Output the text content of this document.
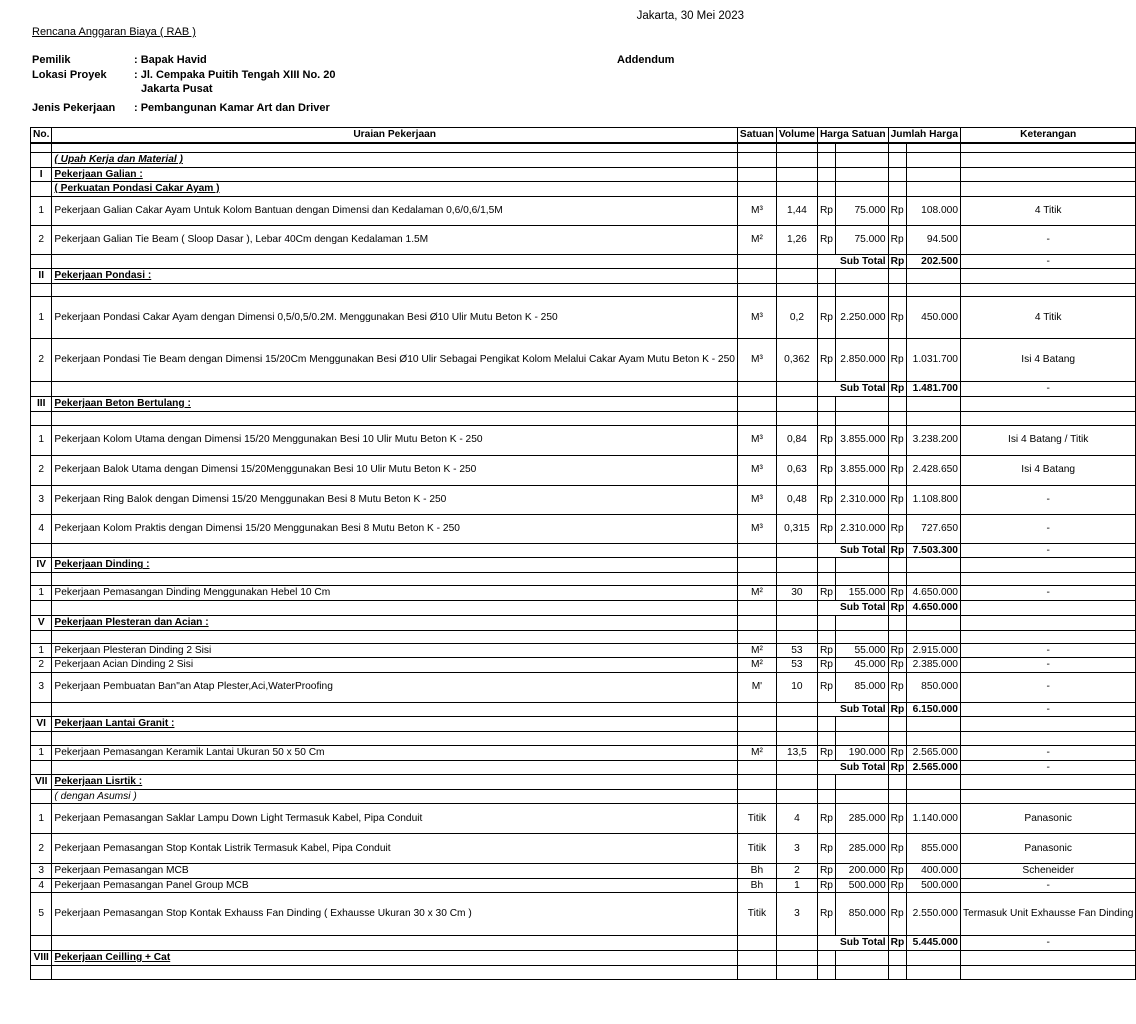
Jakarta, 30 Mei 2023
Rencana Anggaran Biaya ( RAB )
Pemilik	: Bapak Havid
Lokasi Proyek	: Jl. Cempaka Puitih Tengah XIII No. 20
Jakarta Pusat
Jenis Pekerjaan	: Pembangunan Kamar Art dan Driver
Addendum
No.	Uraian Pekerjaan	Satuan	Volume	Harga Satuan		Jumlah Harga		Keterangan

	( Upah Kerja dan Material )							
I	Pekerjaan Galian :							
	( Perkuatan Pondasi Cakar Ayam )							
1	Pekerjaan Galian Cakar Ayam Untuk Kolom Bantuan dengan Dimensi dan Kedalaman 0,6/0,6/1,5M	M³	1,44	Rp	75.000	Rp	108.000	4 Titik
2	Pekerjaan Galian Tie Beam ( Sloop Dasar ), Lebar 40Cm dengan Kedalaman 1.5M	M²	1,26	Rp	75.000	Rp	94.500	-
				Sub Total		Rp	202.500	-
II	Pekerjaan Pondasi :							

1	Pekerjaan Pondasi Cakar Ayam dengan Dimensi 0,5/0,5/0.2M. Menggunakan Besi Ø10 Ulir Mutu Beton K - 250	M³	0,2	Rp	2.250.000	Rp	450.000	4 Titik
2	Pekerjaan Pondasi Tie Beam dengan Dimensi 15/20Cm Menggunakan Besi Ø10 Ulir Sebagai Pengikat Kolom Melalui Cakar Ayam Mutu Beton K - 250	M³	0,362	Rp	2.850.000	Rp	1.031.700	Isi 4 Batang
				Sub Total		Rp	1.481.700	-
III	Pekerjaan Beton Bertulang :							

1	Pekerjaan Kolom Utama dengan Dimensi 15/20 Menggunakan Besi 10 Ulir Mutu Beton K - 250	M³	0,84	Rp	3.855.000	Rp	3.238.200	Isi 4 Batang / Titik
2	Pekerjaan Balok Utama dengan Dimensi 15/20Menggunakan Besi 10 Ulir Mutu Beton K - 250	M³	0,63	Rp	3.855.000	Rp	2.428.650	Isi 4 Batang
3	Pekerjaan Ring Balok dengan Dimensi 15/20 Menggunakan Besi 8 Mutu Beton K - 250	M³	0,48	Rp	2.310.000	Rp	1.108.800	-
4	Pekerjaan Kolom Praktis dengan Dimensi 15/20 Menggunakan Besi 8 Mutu Beton K - 250	M³	0,315	Rp	2.310.000	Rp	727.650	-
				Sub Total		Rp	7.503.300	-
IV	Pekerjaan Dinding :							

1	Pekerjaan Pemasangan Dinding Menggunakan Hebel 10 Cm	M²	30	Rp	155.000	Rp	4.650.000	-
				Sub Total		Rp	4.650.000	
V	Pekerjaan Plesteran dan Acian :							

1	Pekerjaan Plesteran Dinding 2 Sisi	M²	53	Rp	55.000	Rp	2.915.000	-
2	Pekerjaan Acian Dinding 2 Sisi	M²	53	Rp	45.000	Rp	2.385.000	-
3	Pekerjaan Pembuatan Ban"an Atap Plester,Aci,WaterProofing	M'	10	Rp	85.000	Rp	850.000	-
				Sub Total		Rp	6.150.000	-
VI	Pekerjaan Lantai Granit :							

1	Pekerjaan Pemasangan Keramik Lantai Ukuran 50 x 50 Cm	M²	13,5	Rp	190.000	Rp	2.565.000	-
				Sub Total		Rp	2.565.000	-
VII	Pekerjaan Lisrtik :							
	( dengan Asumsi )							
1	Pekerjaan Pemasangan Saklar Lampu Down Light Termasuk Kabel, Pipa Conduit	Titik	4	Rp	285.000	Rp	1.140.000	Panasonic
2	Pekerjaan Pemasangan Stop Kontak Listrik Termasuk Kabel, Pipa Conduit	Titik	3	Rp	285.000	Rp	855.000	Panasonic
3	Pekerjaan Pemasangan MCB	Bh	2	Rp	200.000	Rp	400.000	Scheneider
4	Pekerjaan Pemasangan Panel Group MCB	Bh	1	Rp	500.000	Rp	500.000	-
5	Pekerjaan Pemasangan Stop Kontak Exhauss Fan Dinding ( Exhausse Ukuran 30 x 30 Cm )	Titik	3	Rp	850.000	Rp	2.550.000	Termasuk Unit Exhausse Fan Dinding
				Sub Total		Rp	5.445.000	-
VIII	Pekerjaan Ceilling + Cat							
